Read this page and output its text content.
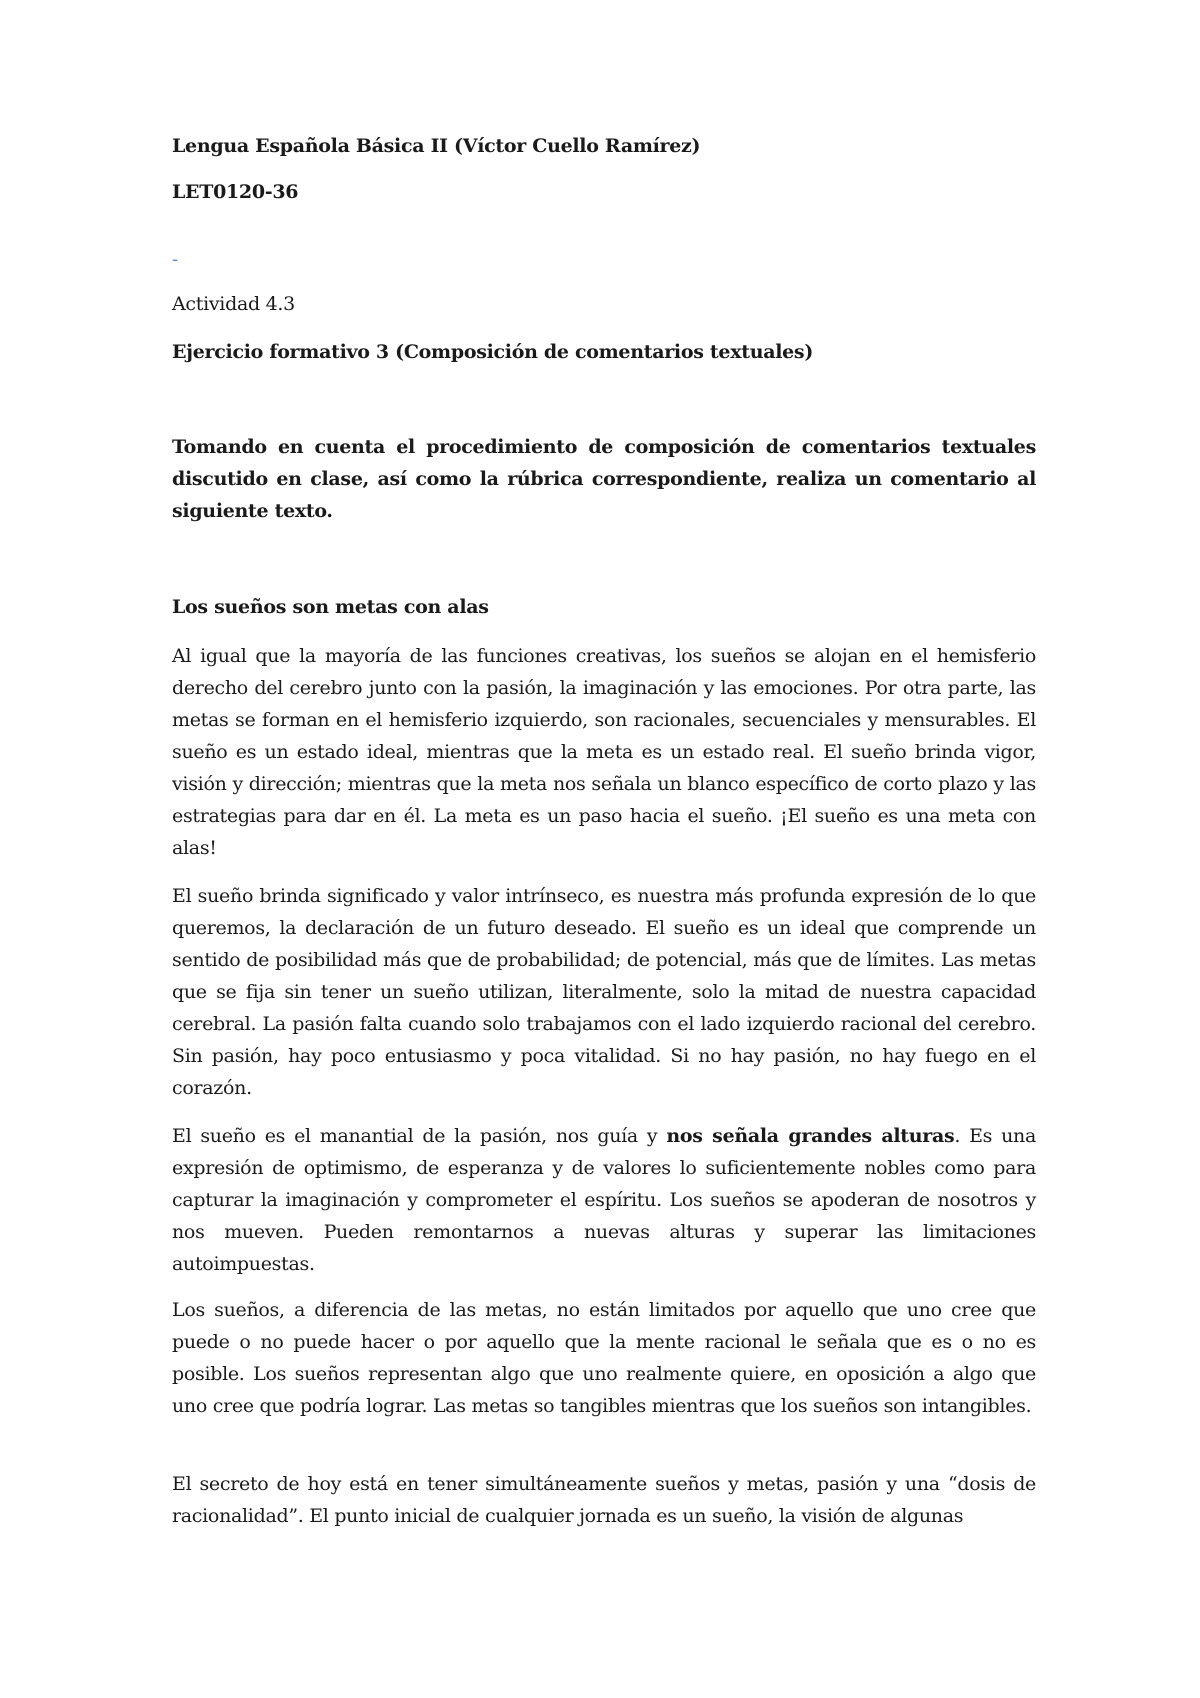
Lengua Española Básica II (Víctor Cuello Ramírez)

LET0120-36

-

Actividad 4.3

Ejercicio formativo 3 (Composición de comentarios textuales)

Tomando en cuenta el procedimiento de composición de comentarios textuales discutido en clase, así como la rúbrica correspondiente, realiza un comentario al siguiente texto.

Los sueños son metas con alas

Al igual que la mayoría de las funciones creativas, los sueños se alojan en el hemisferio derecho del cerebro junto con la pasión, la imaginación y las emociones. Por otra parte, las metas se forman en el hemisferio izquierdo, son racionales, secuenciales y mensurables. El sueño es un estado ideal, mientras que la meta es un estado real. El sueño brinda vigor, visión y dirección; mientras que la meta nos señala un blanco específico de corto plazo y las estrategias para dar en él. La meta es un paso hacia el sueño. ¡El sueño es una meta con alas!

El sueño brinda significado y valor intrínseco, es nuestra más profunda expresión de lo que queremos, la declaración de un futuro deseado. El sueño es un ideal que comprende un sentido de posibilidad más que de probabilidad; de potencial, más que de límites. Las metas que se fija sin tener un sueño utilizan, literalmente, solo la mitad de nuestra capacidad cerebral. La pasión falta cuando solo trabajamos con el lado izquierdo racional del cerebro. Sin pasión, hay poco entusiasmo y poca vitalidad. Si no hay pasión, no hay fuego en el corazón.

El sueño es el manantial de la pasión, nos guía y nos señala grandes alturas. Es una expresión de optimismo, de esperanza y de valores lo suficientemente nobles como para capturar la imaginación y comprometer el espíritu. Los sueños se apoderan de nosotros y nos mueven. Pueden remontarnos a nuevas alturas y superar las limitaciones autoimpuestas.

Los sueños, a diferencia de las metas, no están limitados por aquello que uno cree que puede o no puede hacer o por aquello que la mente racional le señala que es o no es posible. Los sueños representan algo que uno realmente quiere, en oposición a algo que uno cree que podría lograr. Las metas so tangibles mientras que los sueños son intangibles.

El secreto de hoy está en tener simultáneamente sueños y metas, pasión y una “dosis de racionalidad”. El punto inicial de cualquier jornada es un sueño, la visión de algunas
